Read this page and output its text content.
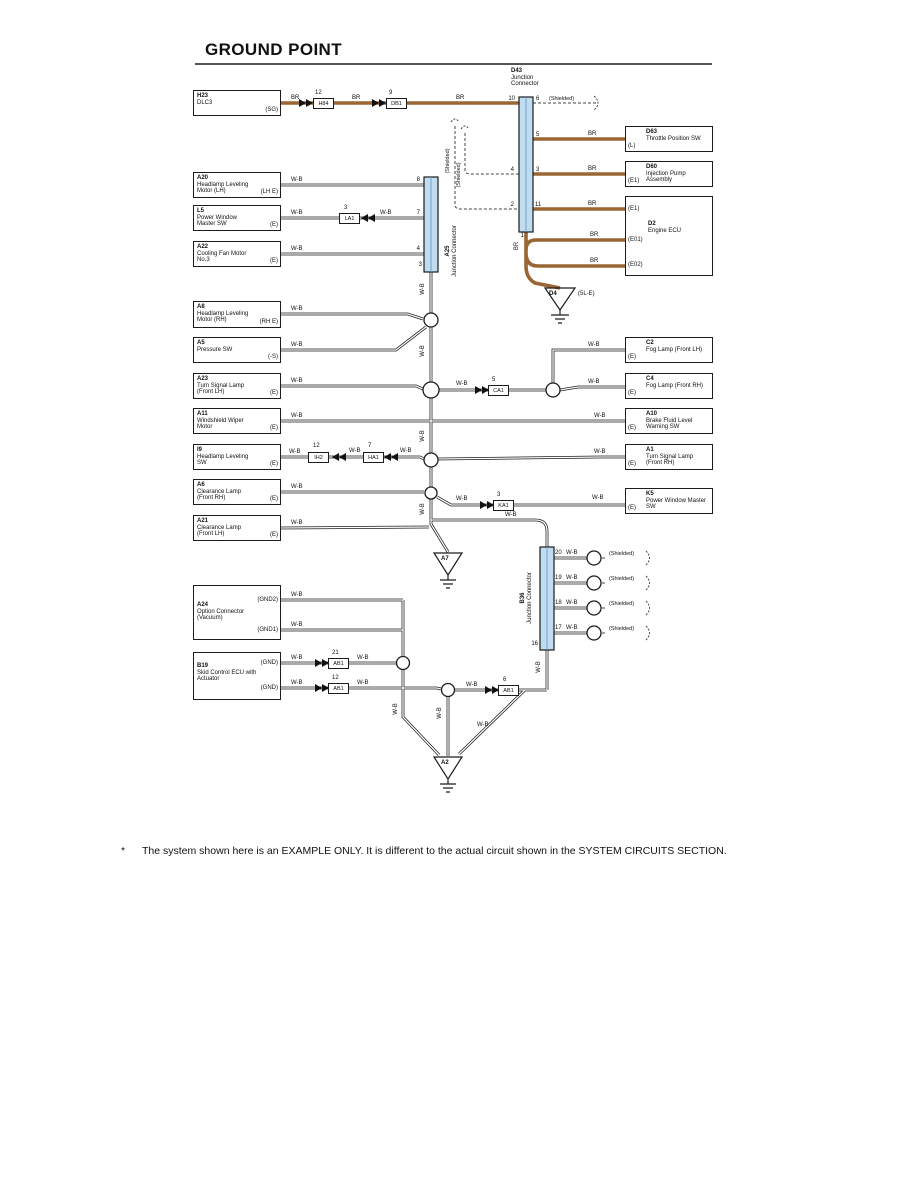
GROUND POINT
H23
DLC3
(SG)
A20
Headlamp Leveling Motor (LH)	(LH E)
L5
Power Window Master SW	(E)
A22
Cooling Fan Motor No.3	(E)
A8
Headlamp Leveling Motor (RH)	(RH E)
A5
Pressure SW
(-S)
A23
Turn Signal Lamp (Front LH)	(E)
A11
Windshield Wiper Motor	(E)
I9
Headlamp Leveling SW	(E)
A6
Clearance Lamp (Front RH)	(E)
A21
Clearance Lamp (Front LH)	(E)
A24
Option Connector (Vacuum)
(GND2)
(GND1)
B19
Skid Control ECU with Actuator
(GND)
(GND)
D63
Throttle Position SW
(L)
D60
Injection Pump Assembly
(E1)
D2
Engine ECU
(E1)
(E01)
(E02)
C2
Fog Lamp (Front LH)
(E)
C4
Fog Lamp (Front RH)
(E)
A10
Brake Fluid Level Warning SW
(E)
A1
Turn Signal Lamp (Front RH)
(E)
K5
Power Window Master SW
(E)
D43
Junction Connector
A25 Junction Connector
B36 Junction Connector
H84	DB1
LA1
IH2	HA1
CA1
KA1
AB1
AB1	AB1
12	9
3
12	7
5
3
21
12	6
10	6
5
4	3
2	11
1
8
7
4
3
20
19
18
17
16
BR	BR	BR
BR
BR
BR
BR
BR
BR
W-B
W-B	W-B
W-B
W-B
W-B
W-B
W-B
W-B	W-B	W-B
W-B
W-B
W-B
W-B
W-B	W-B
W-B	W-B
W-B
W-B
W-B
W-B
W-B
W-B	W-B
W-B
W-B
W-B
W-B
W-B
W-B
W-B
W-B
W-B
W-B
W-B
W-B
W-B	W-B
(Shielded)
(Shielded)
(Shielded)
(Shielded)
(Shielded)
(Shielded)
(Shielded)
D4	(5L-E)
A7
A2
* The system shown here is an EXAMPLE ONLY. It is different to the actual circuit shown in the SYSTEM CIRCUITS SECTION.
